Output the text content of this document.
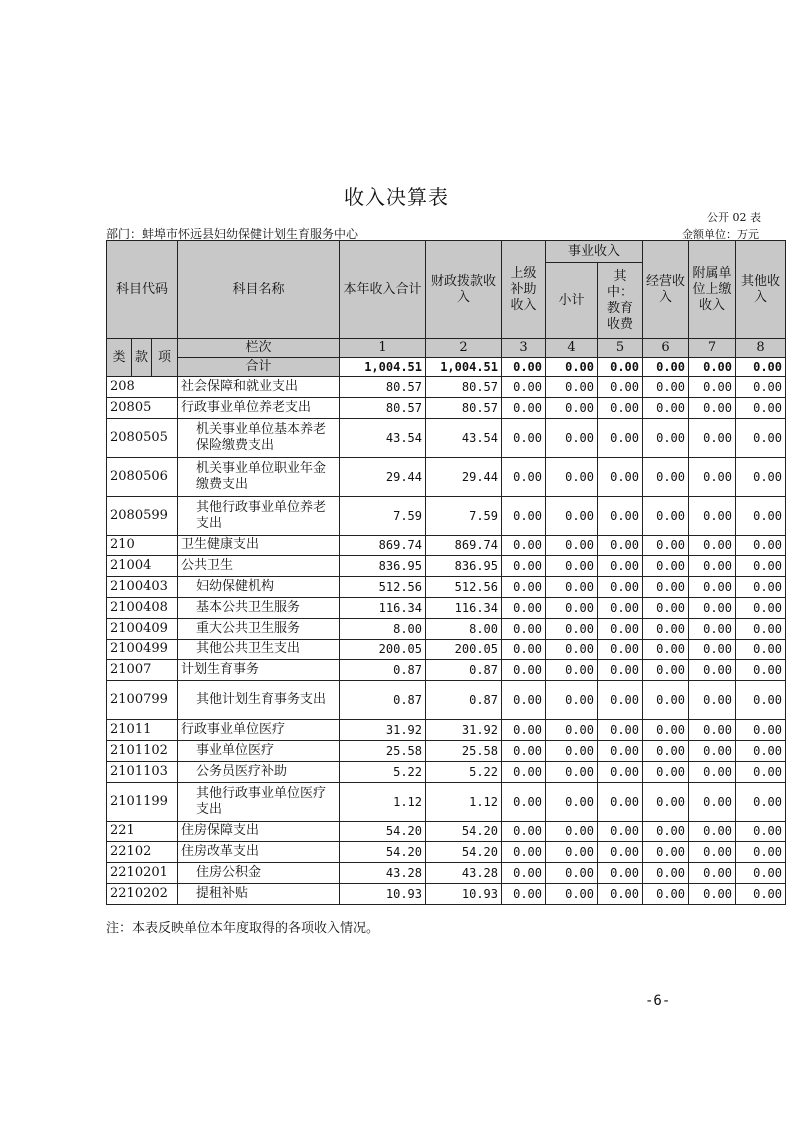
收入决算表
公开 02 表
部门：蚌埠市怀远县妇幼保健计划生育服务中心	金额单位：万元
科目代码			科目名称	本年收入合计	财政拨款收入	上级补助收入	事业收入		经营收入	附属单位上缴收入	其他收入
							小计	其中：教育收费			
类	款	项	栏次	1	2	3	4	5	6	7	8
			合计	1,004.51	1,004.51	0.00	0.00	0.00	0.00	0.00	0.00
208			社会保障和就业支出	80.57	80.57	0.00	0.00	0.00	0.00	0.00	0.00
20805			行政事业单位养老支出	80.57	80.57	0.00	0.00	0.00	0.00	0.00	0.00
2080505			机关事业单位基本养老保险缴费支出	43.54	43.54	0.00	0.00	0.00	0.00	0.00	0.00
2080506			机关事业单位职业年金缴费支出	29.44	29.44	0.00	0.00	0.00	0.00	0.00	0.00
2080599			其他行政事业单位养老支出	7.59	7.59	0.00	0.00	0.00	0.00	0.00	0.00
210			卫生健康支出	869.74	869.74	0.00	0.00	0.00	0.00	0.00	0.00
21004			公共卫生	836.95	836.95	0.00	0.00	0.00	0.00	0.00	0.00
2100403			妇幼保健机构	512.56	512.56	0.00	0.00	0.00	0.00	0.00	0.00
2100408			基本公共卫生服务	116.34	116.34	0.00	0.00	0.00	0.00	0.00	0.00
2100409			重大公共卫生服务	8.00	8.00	0.00	0.00	0.00	0.00	0.00	0.00
2100499			其他公共卫生支出	200.05	200.05	0.00	0.00	0.00	0.00	0.00	0.00
21007			计划生育事务	0.87	0.87	0.00	0.00	0.00	0.00	0.00	0.00
2100799			其他计划生育事务支出	0.87	0.87	0.00	0.00	0.00	0.00	0.00	0.00
21011			行政事业单位医疗	31.92	31.92	0.00	0.00	0.00	0.00	0.00	0.00
2101102			事业单位医疗	25.58	25.58	0.00	0.00	0.00	0.00	0.00	0.00
2101103			公务员医疗补助	5.22	5.22	0.00	0.00	0.00	0.00	0.00	0.00
2101199			其他行政事业单位医疗支出	1.12	1.12	0.00	0.00	0.00	0.00	0.00	0.00
221			住房保障支出	54.20	54.20	0.00	0.00	0.00	0.00	0.00	0.00
22102			住房改革支出	54.20	54.20	0.00	0.00	0.00	0.00	0.00	0.00
2210201			住房公积金	43.28	43.28	0.00	0.00	0.00	0.00	0.00	0.00
2210202			提租补贴	10.93	10.93	0.00	0.00	0.00	0.00	0.00	0.00
注：本表反映单位本年度取得的各项收入情况。
-6-
